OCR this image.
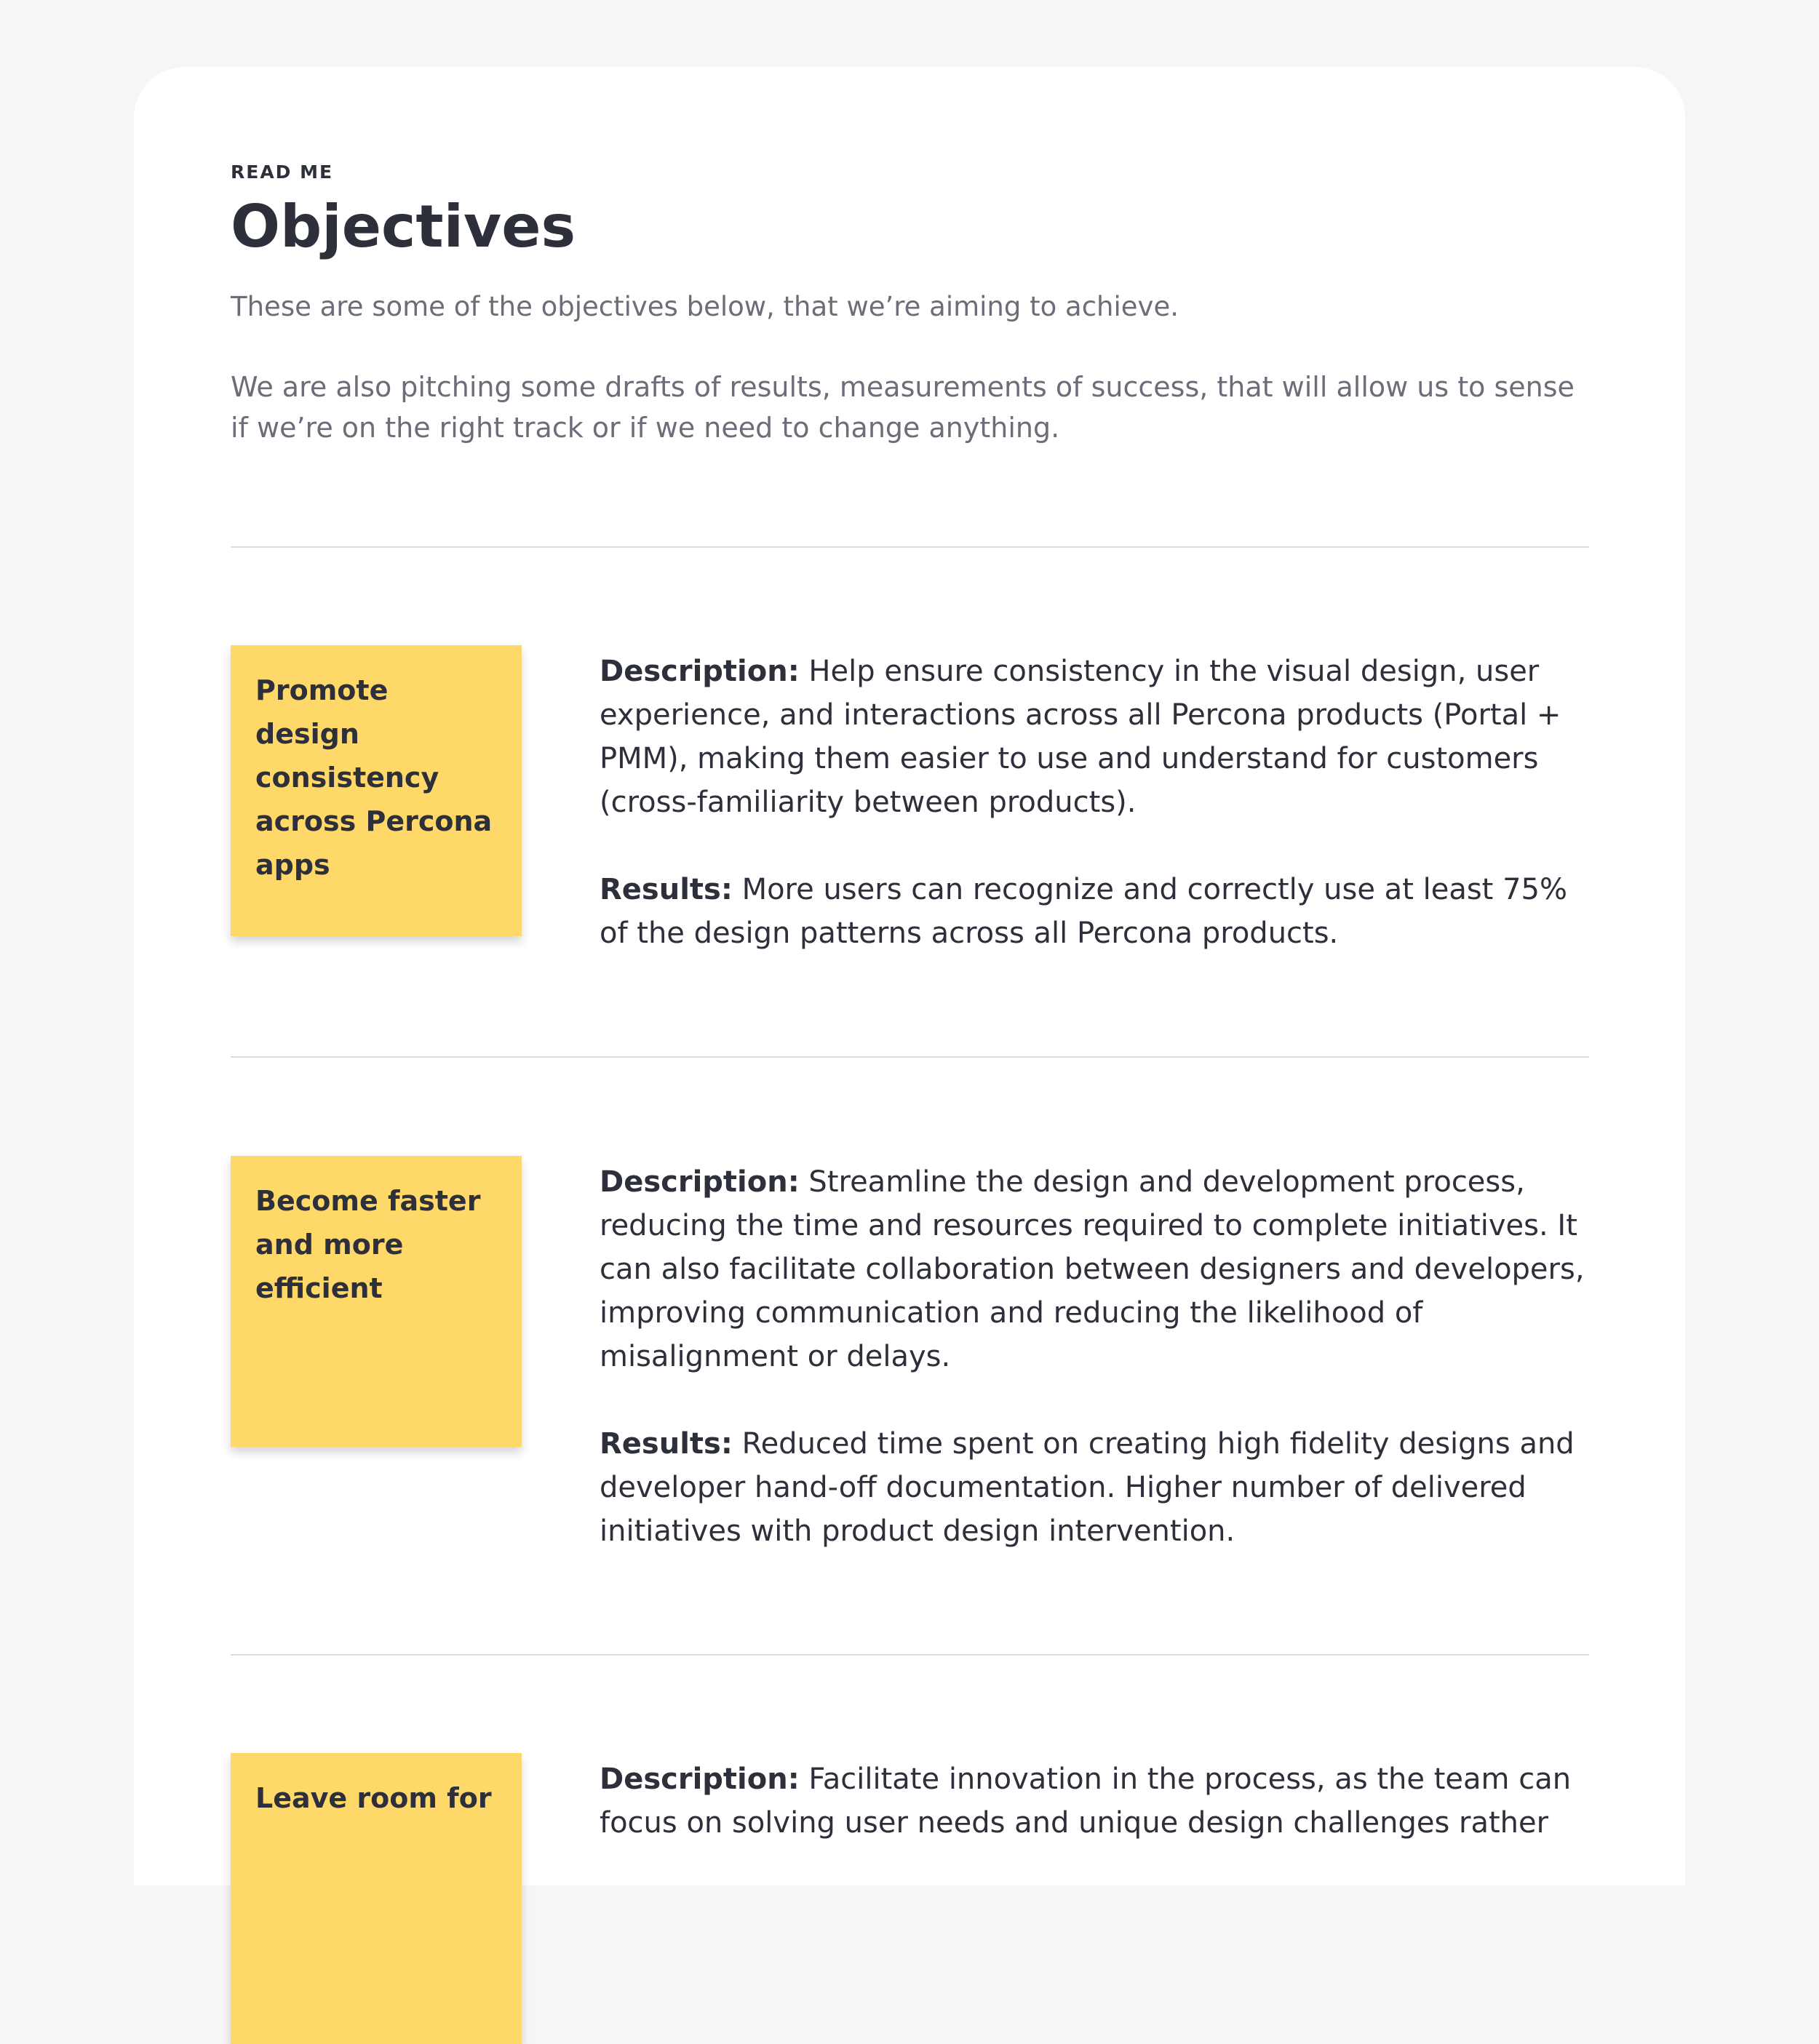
READ ME
Objectives

These are some of the objectives below, that we’re aiming to achieve.

We are also pitching some drafts of results, measurements of success, that will allow us to sense if we’re on the right track or if we need to change anything.

Promote design consistency across Percona apps

Description: Help ensure consistency in the visual design, user experience, and interactions across all Percona products (Portal + PMM), making them easier to use and understand for customers (cross-familiarity between products).

Results: More users can recognize and correctly use at least 75% of the design patterns across all Percona products.

Become faster and more efficient

Description: Streamline the design and development process, reducing the time and resources required to complete initiatives. It can also facilitate collaboration between designers and developers, improving communication and reducing the likelihood of misalignment or delays.

Results: Reduced time spent on creating high fidelity designs and developer hand-off documentation. Higher number of delivered initiatives with product design intervention.

Leave room for

Description: Facilitate innovation in the process, as the team can focus on solving user needs and unique design challenges rather
